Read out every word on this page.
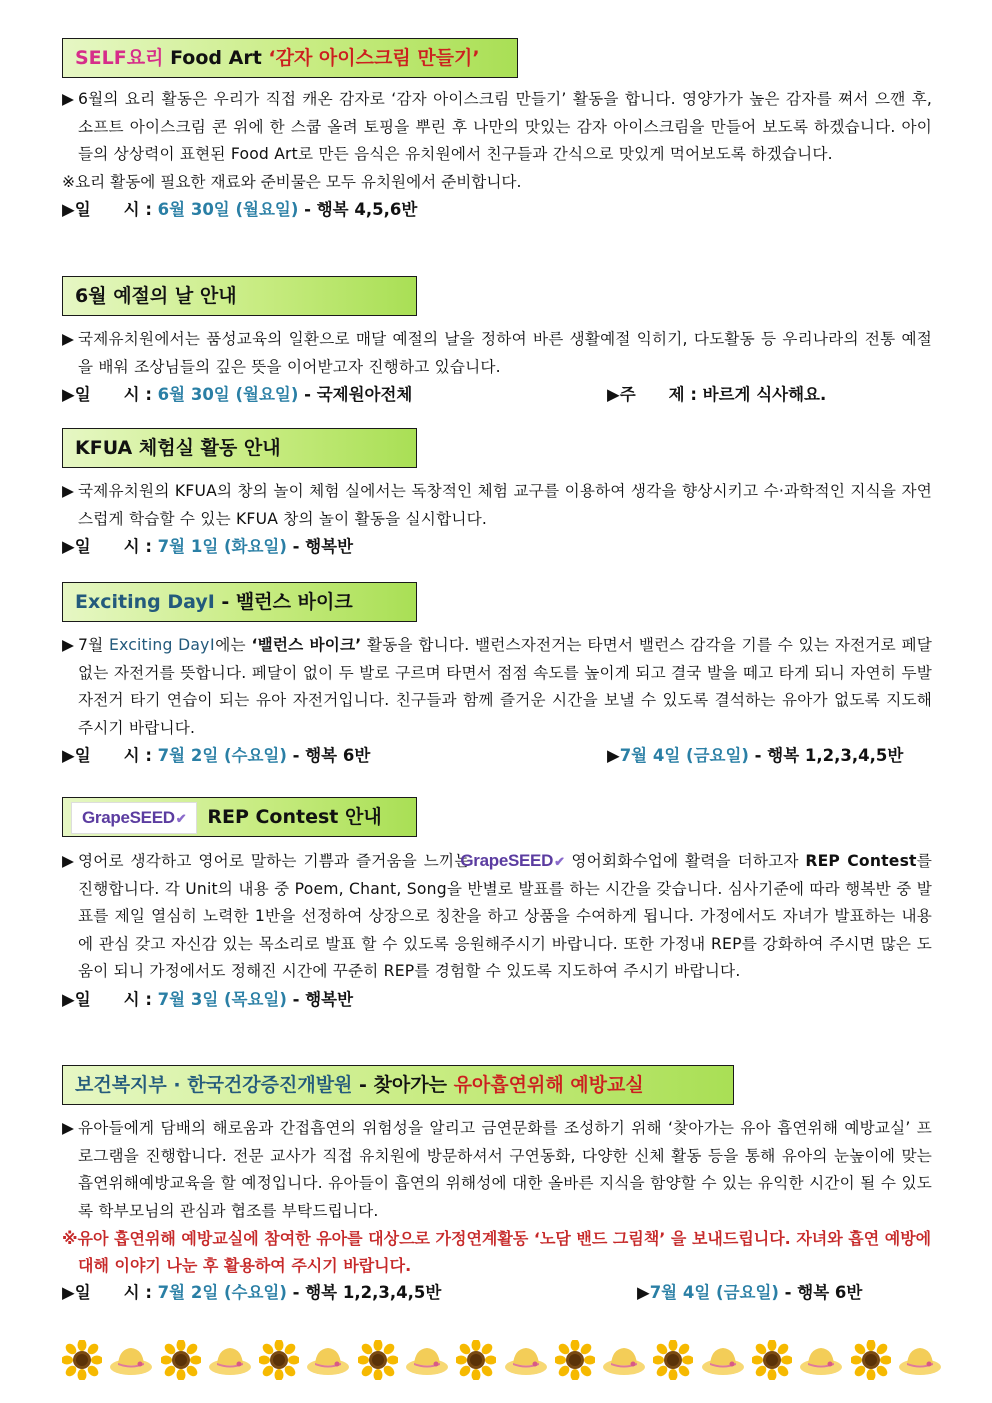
SELF요리 Food Art ‘감자 아이스크림 만들기’
▶ 6월의 요리 활동은 우리가 직접 캐온 감자로 ‘감자 아이스크림 만들기’ 활동을 합니다. 영양가가 높은 감자를 쪄서 으깬 후, 소프트 아이스크림 콘 위에 한 스쿱 올려 토핑을 뿌린 후 나만의 맛있는 감자 아이스크림을 만들어 보도록 하겠습니다. 아이들의 상상력이 표현된 Food Art로 만든 음식은 유치원에서 친구들과 간식으로 맛있게 먹어보도록 하겠습니다.
※요리 활동에 필요한 재료와 준비물은 모두 유치원에서 준비합니다.
▶일　　시 : 6월 30일 (월요일) - 행복 4,5,6반
6월 예절의 날 안내
▶ 국제유치원에서는 품성교육의 일환으로 매달 예절의 날을 정하여 바른 생활예절 익히기, 다도활동 등 우리나라의 전통 예절을 배워 조상님들의 깊은 뜻을 이어받고자 진행하고 있습니다.
▶일　　시 : 6월 30일 (월요일) - 국제원아전체	▶주　　제 : 바르게 식사해요.
KFUA 체험실 활동 안내
▶ 국제유치원의 KFUA의 창의 놀이 체험 실에서는 독창적인 체험 교구를 이용하여 생각을 향상시키고 수·과학적인 지식을 자연스럽게 학습할 수 있는 KFUA 창의 놀이 활동을 실시합니다.
▶일　　시 : 7월 1일 (화요일) - 행복반
Exciting DayⅠ - 밸런스 바이크
▶ 7월 Exciting DayⅠ에는 ‘밸런스 바이크’ 활동을 합니다. 밸런스자전거는 타면서 밸런스 감각을 기를 수 있는 자전거로 페달 없는 자전거를 뜻합니다. 페달이 없이 두 발로 구르며 타면서 점점 속도를 높이게 되고 결국 발을 떼고 타게 되니 자연히 두발 자전거 타기 연습이 되는 유아 자전거입니다. 친구들과 함께 즐거운 시간을 보낼 수 있도록 결석하는 유아가 없도록 지도해 주시기 바랍니다.
▶일　　시 : 7월 2일 (수요일) - 행복 6반	▶7월 4일 (금요일) - 행복 1,2,3,4,5반
GrapeSEED✔ REP Contest 안내
▶ 영어로 생각하고 영어로 말하는 기쁨과 즐거움을 느끼는 GrapeSEED✔ 영어회화수업에 활력을 더하고자 REP Contest를 진행합니다. 각 Unit의 내용 중 Poem, Chant, Song을 반별로 발표를 하는 시간을 갖습니다. 심사기준에 따라 행복반 중 발표를 제일 열심히 노력한 1반을 선정하여 상장으로 칭찬을 하고 상품을 수여하게 됩니다. 가정에서도 자녀가 발표하는 내용에 관심 갖고 자신감 있는 목소리로 발표 할 수 있도록 응원해주시기 바랍니다. 또한 가정내 REP를 강화하여 주시면 많은 도움이 되니 가정에서도 정해진 시간에 꾸준히 REP를 경험할 수 있도록 지도하여 주시기 바랍니다.
▶일　　시 : 7월 3일 (목요일) - 행복반
보건복지부 · 한국건강증진개발원 - 찾아가는 유아흡연위해 예방교실
▶ 유아들에게 담배의 해로움과 간접흡연의 위험성을 알리고 금연문화를 조성하기 위해 ‘찾아가는 유아 흡연위해 예방교실’ 프로그램을 진행합니다. 전문 교사가 직접 유치원에 방문하셔서 구연동화, 다양한 신체 활동 등을 통해 유아의 눈높이에 맞는 흡연위해예방교육을 할 예정입니다. 유아들이 흡연의 위해성에 대한 올바른 지식을 함양할 수 있는 유익한 시간이 될 수 있도록 학부모님의 관심과 협조를 부탁드립니다.
※유아 흡연위해 예방교실에 참여한 유아를 대상으로 가정연계활동 ‘노담 밴드 그림책’ 을 보내드립니다. 자녀와 흡연 예방에 대해 이야기 나눈 후 활용하여 주시기 바랍니다.
▶일　　시 : 7월 2일 (수요일) - 행복 1,2,3,4,5반	▶7월 4일 (금요일) - 행복 6반
